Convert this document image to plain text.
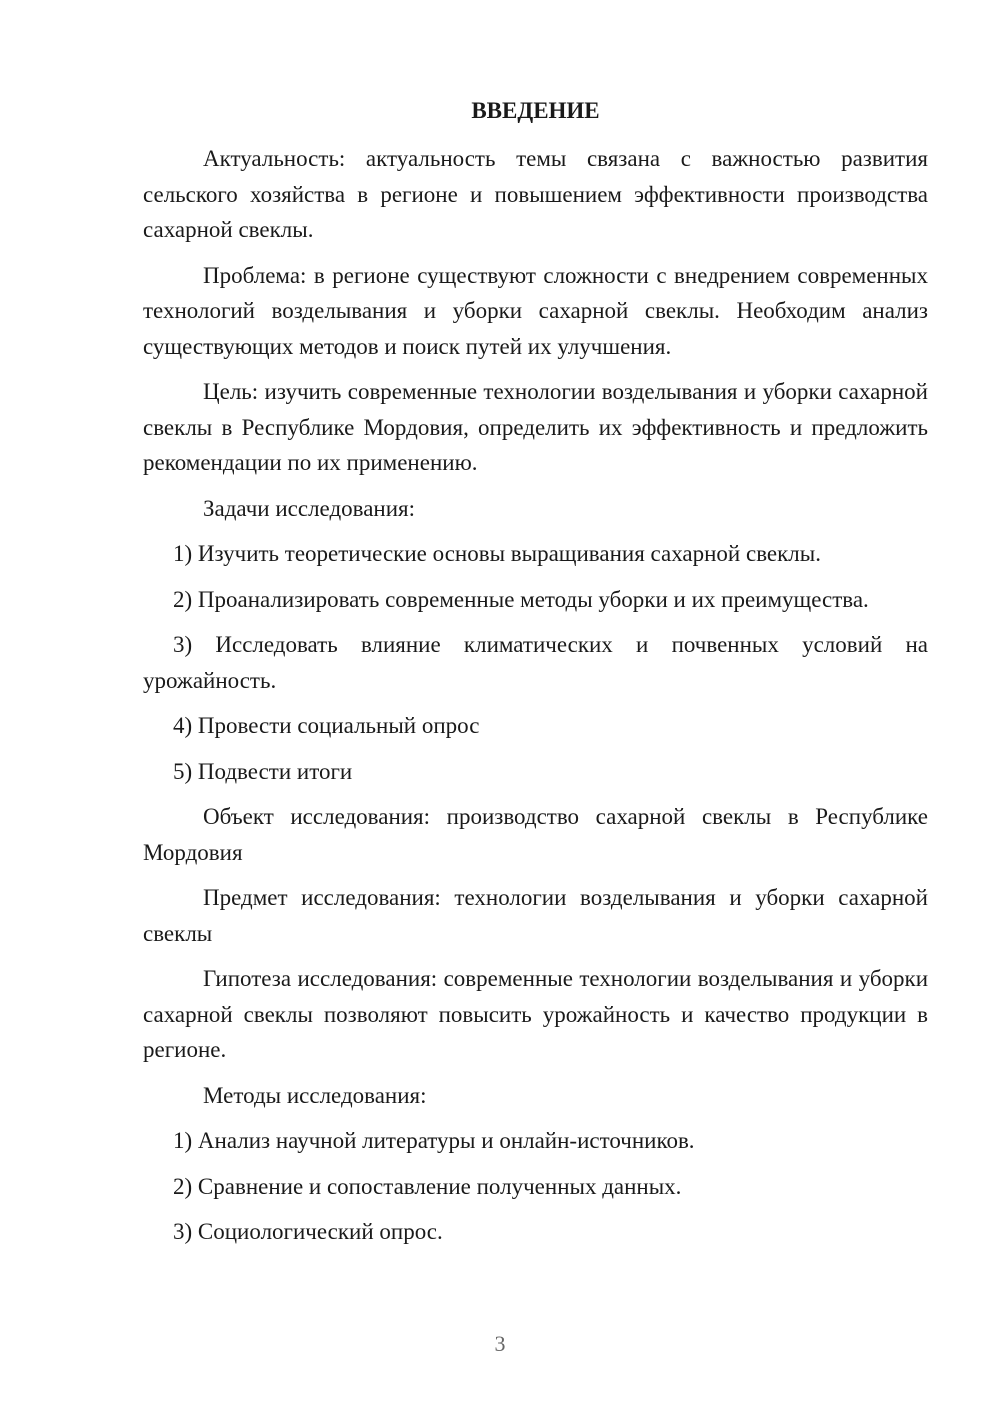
ВВЕДЕНИЕ

Актуальность: актуальность темы связана с важностью развития сельского хозяйства в регионе и повышением эффективности производства сахарной свеклы.

Проблема: в регионе существуют сложности с внедрением современных технологий возделывания и уборки сахарной свеклы. Необходим анализ существующих методов и поиск путей их улучшения.

Цель: изучить современные технологии возделывания и уборки сахарной свеклы в Республике Мордовия, определить их эффективность и предложить рекомендации по их применению.

Задачи исследования:

1) Изучить теоретические основы выращивания сахарной свеклы.

2) Проанализировать современные методы уборки и их преимущества.

3) Исследовать влияние климатических и почвенных условий на урожайность.

4) Провести социальный опрос

5) Подвести итоги

Объект исследования: производство сахарной свеклы в Республике Мордовия

Предмет исследования: технологии возделывания и уборки сахарной свеклы

Гипотеза исследования: современные технологии возделывания и уборки сахарной свеклы позволяют повысить урожайность и качество продукции в регионе.

Методы исследования:

1) Анализ научной литературы и онлайн-источников.

2) Сравнение и сопоставление полученных данных.

3) Социологический опрос.

3
